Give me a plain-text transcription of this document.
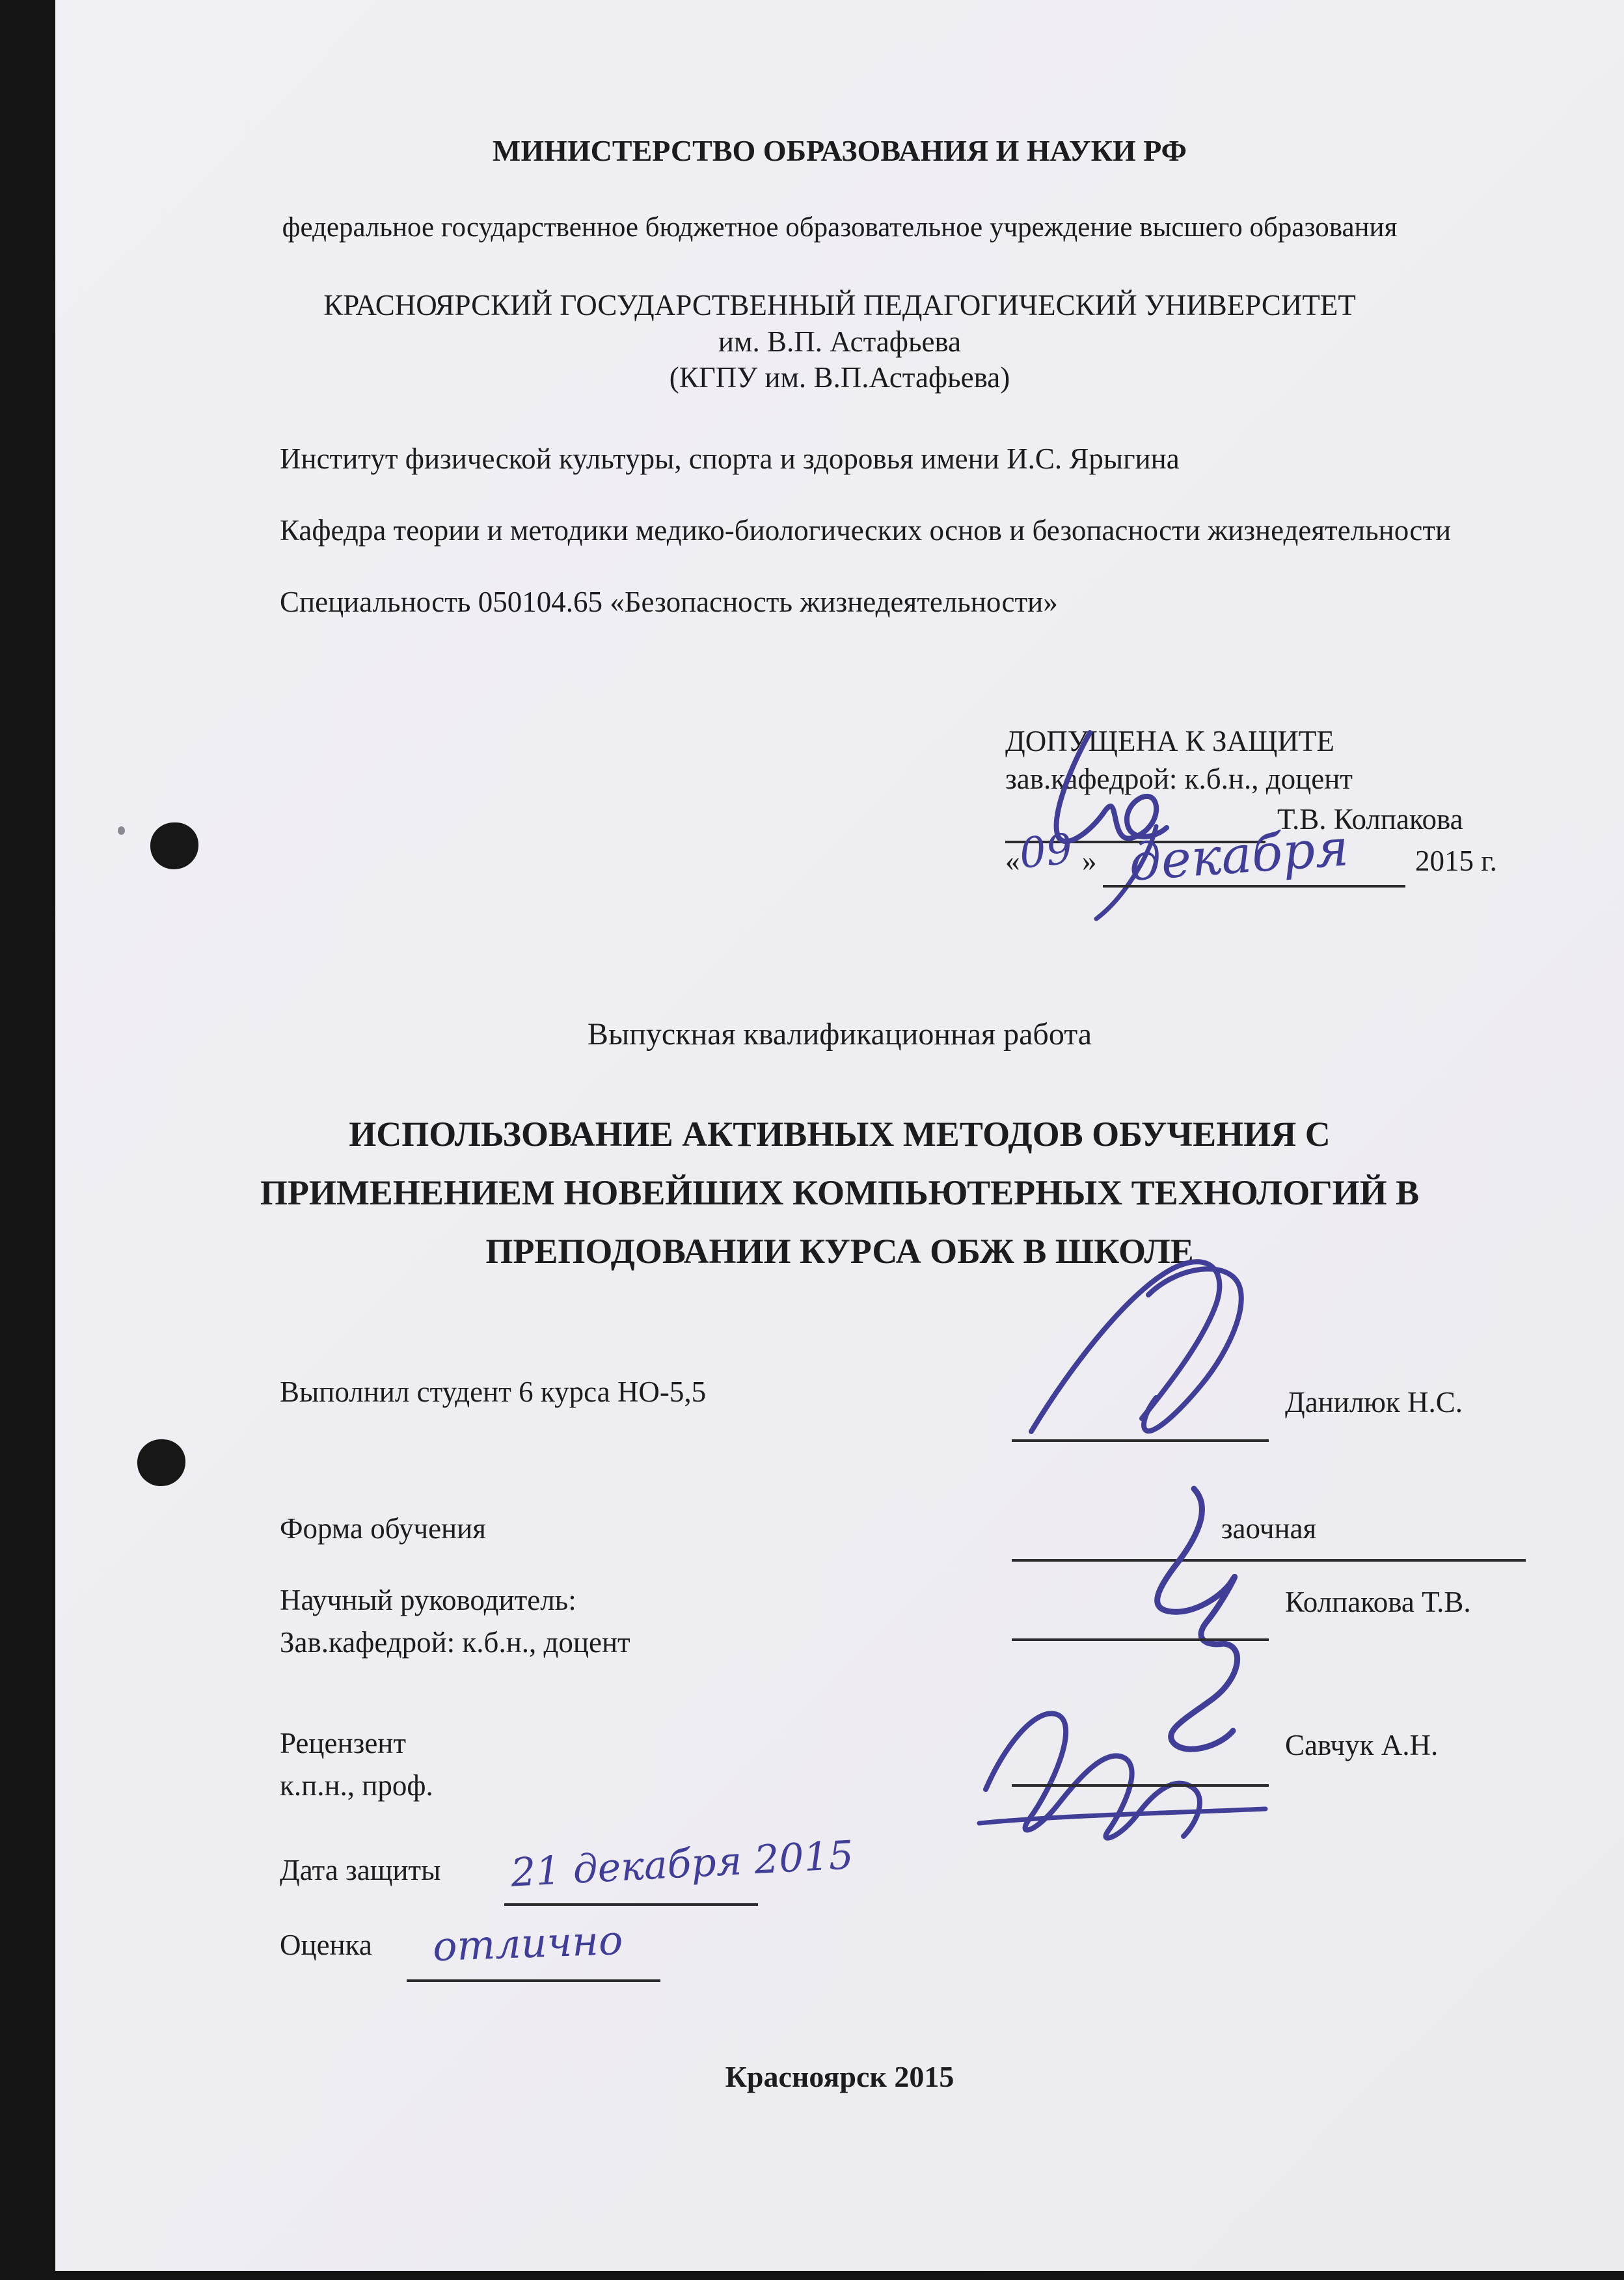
МИНИСТЕРСТВО ОБРАЗОВАНИЯ И НАУКИ РФ
федеральное государственное бюджетное образовательное учреждение высшего образования
КРАСНОЯРСКИЙ ГОСУДАРСТВЕННЫЙ ПЕДАГОГИЧЕСКИЙ УНИВЕРСИТЕТ
им. В.П. Астафьева
(КГПУ им. В.П.Астафьева)
Институт физической культуры, спорта и здоровья имени И.С. Ярыгина
Кафедра теории и методики медико-биологических основ и безопасности жизнедеятельности
Специальность 050104.65 «Безопасность жизнедеятельности»
ДОПУЩЕНА К ЗАЩИТЕ
зав.кафедрой: к.б.н., доцент
Т.В. Колпакова
«
09 » декабря 2015 г.
Выпускная квалификационная работа
ИСПОЛЬЗОВАНИЕ АКТИВНЫХ МЕТОДОВ ОБУЧЕНИЯ С
ПРИМЕНЕНИЕМ НОВЕЙШИХ КОМПЬЮТЕРНЫХ ТЕХНОЛОГИЙ В
ПРЕПОДОВАНИИ КУРСА ОБЖ В ШКОЛЕ
Выполнил студент 6 курса НО-5,5	Данилюк Н.С.
Форма обучения	заочная
Научный руководитель:
Зав.кафедрой: к.б.н., доцент
Колпакова Т.В.
Рецензент
к.п.н., проф.
Савчук А.Н.
Дата защиты 21 декабря 2015
Оценка отлично
Красноярск 2015
